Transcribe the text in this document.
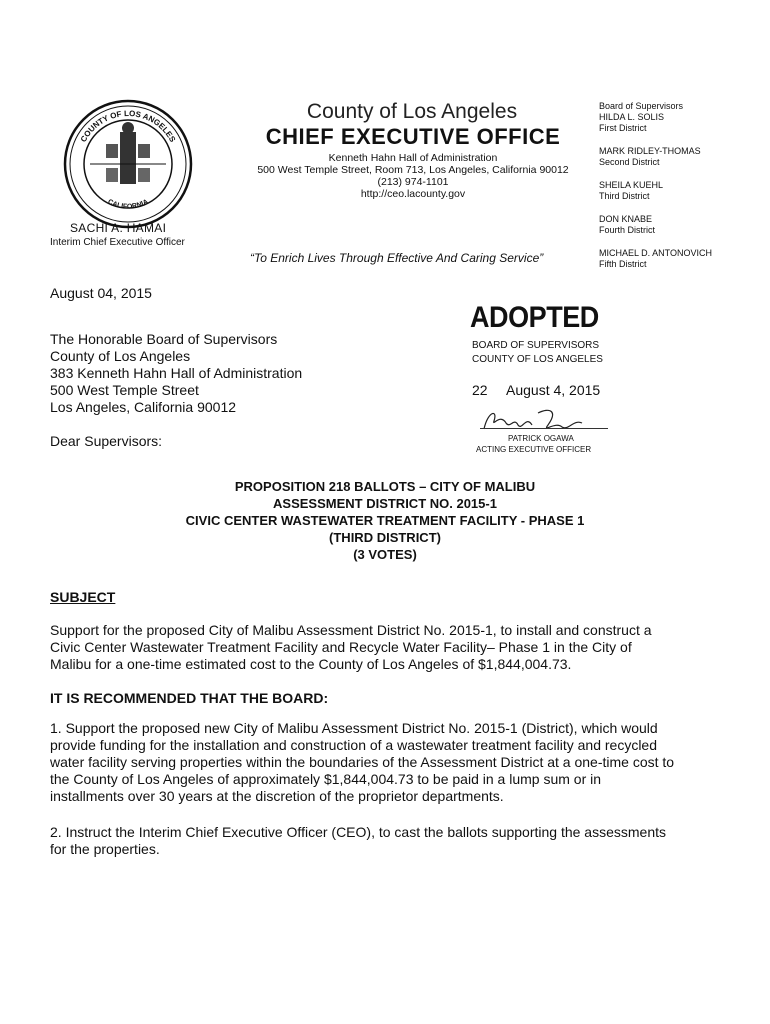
COUNTY OF LOS ANGELES
CALIFORNIA
County of Los Angeles
CHIEF EXECUTIVE OFFICE
Kenneth Hahn Hall of Administration
500 West Temple Street, Room 713, Los Angeles, California 90012
(213) 974-1101
http://ceo.lacounty.gov
SACHI A. HAMAI
Interim Chief Executive Officer
“To Enrich Lives Through Effective And Caring Service”
Board of Supervisors
HILDA L. SOLIS
First District
MARK RIDLEY-THOMAS
Second District
SHEILA KUEHL
Third District
DON KNABE
Fourth District
MICHAEL D. ANTONOVICH
Fifth District
August 04, 2015
The Honorable Board of Supervisors
County of Los Angeles
383 Kenneth Hahn Hall of Administration
500 West Temple Street
Los Angeles, California 90012
Dear Supervisors:
ADOPTED
BOARD OF SUPERVISORS
COUNTY OF LOS ANGELES
22 August 4, 2015
PATRICK OGAWA
ACTING EXECUTIVE OFFICER
PROPOSITION 218 BALLOTS – CITY OF MALIBU
ASSESSMENT DISTRICT NO. 2015-1
CIVIC CENTER WASTEWATER TREATMENT FACILITY - PHASE 1
(THIRD DISTRICT)
(3 VOTES)
SUBJECT
Support for the proposed City of Malibu Assessment District No. 2015-1, to install and construct a
Civic Center Wastewater Treatment Facility and Recycle Water Facility– Phase 1 in the City of
Malibu for a one-time estimated cost to the County of Los Angeles of $1,844,004.73.
IT IS RECOMMENDED THAT THE BOARD:
1. Support the proposed new City of Malibu Assessment District No. 2015-1 (District), which would
provide funding for the installation and construction of a wastewater treatment facility and recycled
water facility serving properties within the boundaries of the Assessment District at a one-time cost to
the County of Los Angeles of approximately $1,844,004.73 to be paid in a lump sum or in
installments over 30 years at the discretion of the proprietor departments.
2. Instruct the Interim Chief Executive Officer (CEO), to cast the ballots supporting the assessments
for the properties.
